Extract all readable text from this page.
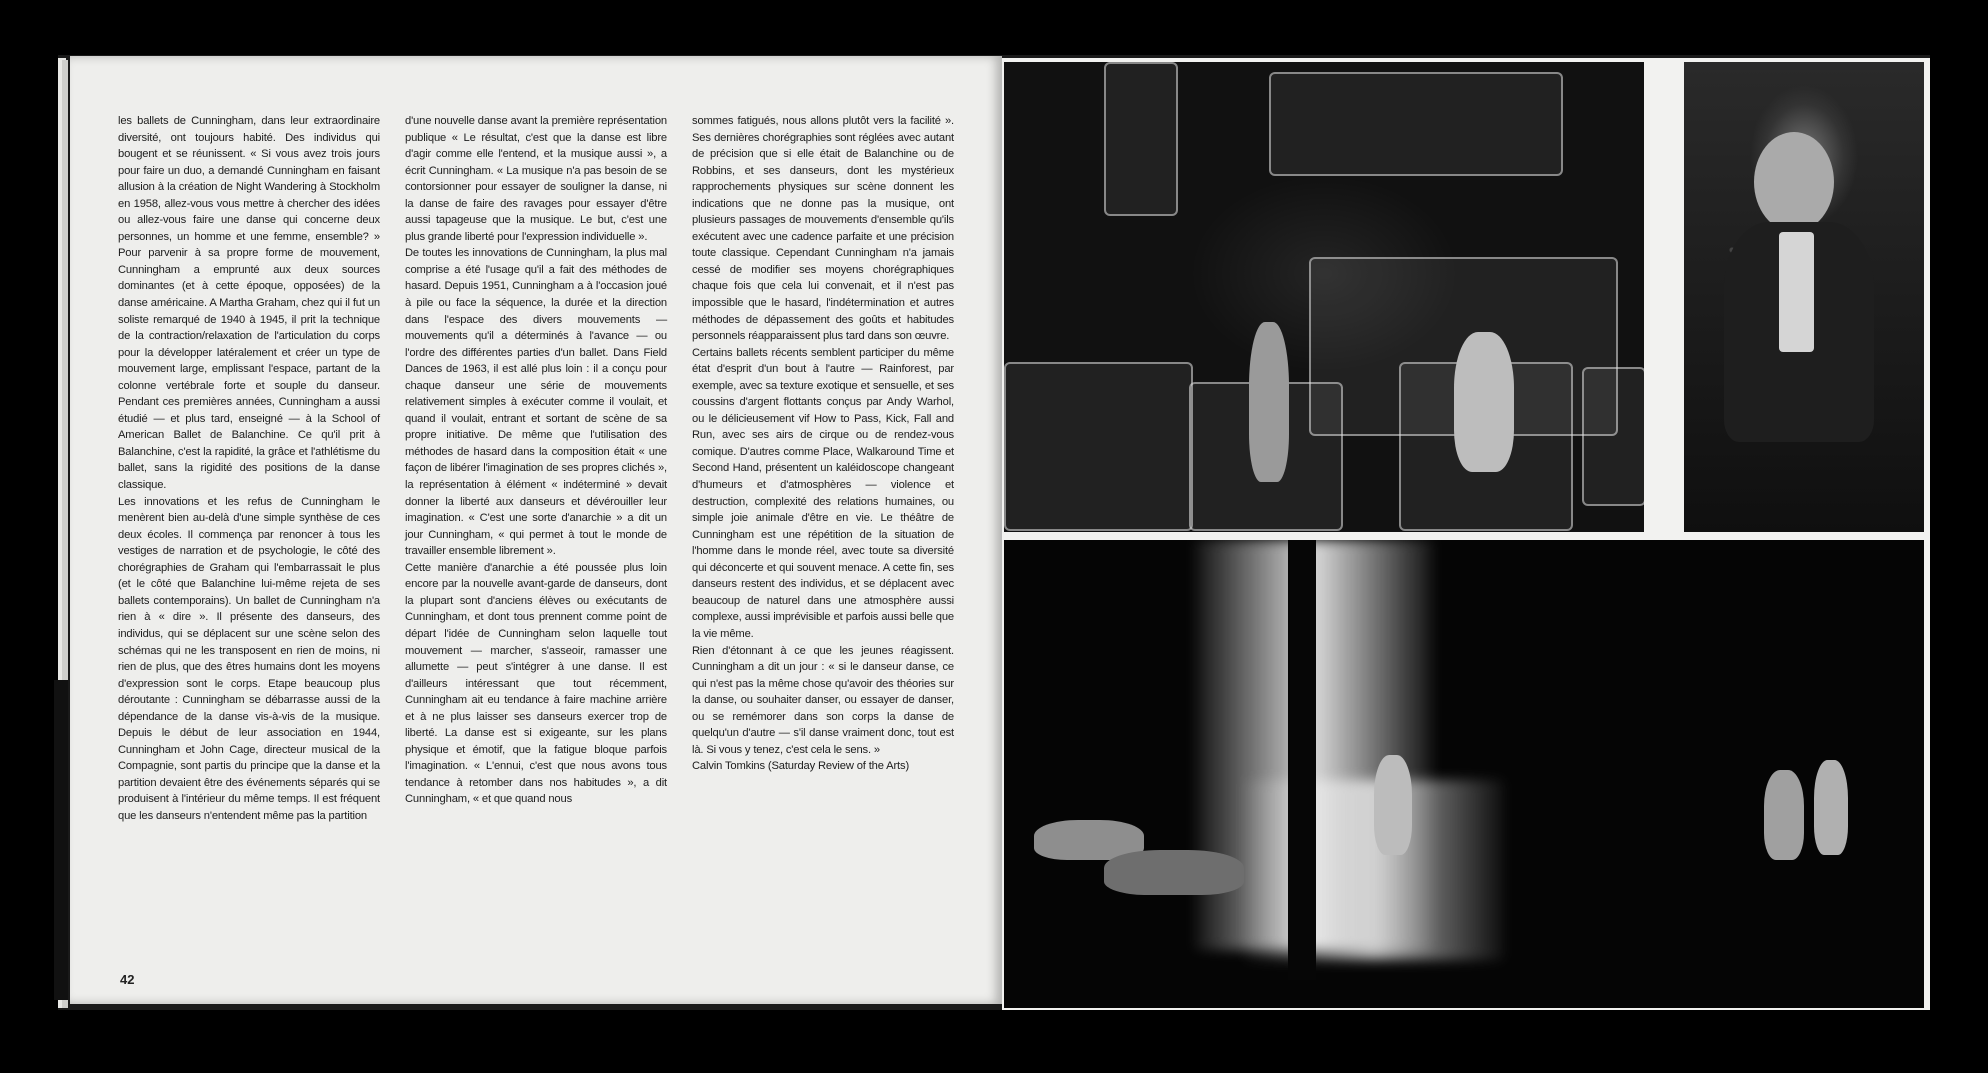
les ballets de Cunningham, dans leur extraordinaire diversité, ont toujours habité. Des individus qui bougent et se réunissent. « Si vous avez trois jours pour faire un duo, a demandé Cunningham en faisant allusion à la création de Night Wandering à Stockholm en 1958, allez-vous vous mettre à chercher des idées ou allez-vous faire une danse qui concerne deux personnes, un homme et une femme, ensemble? » Pour parvenir à sa propre forme de mouvement, Cunningham a emprunté aux deux sources dominantes (et à cette époque, opposées) de la danse américaine. A Martha Graham, chez qui il fut un soliste remarqué de 1940 à 1945, il prit la technique de la contraction/relaxation de l'articulation du corps pour la développer latéralement et créer un type de mouvement large, emplissant l'espace, partant de la colonne vertébrale forte et souple du danseur. Pendant ces premières années, Cunningham a aussi étudié — et plus tard, enseigné — à la School of American Ballet de Balanchine. Ce qu'il prit à Balanchine, c'est la rapidité, la grâce et l'athlétisme du ballet, sans la rigidité des positions de la danse classique.

Les innovations et les refus de Cunningham le menèrent bien au-delà d'une simple synthèse de ces deux écoles. Il commença par renoncer à tous les vestiges de narration et de psychologie, le côté des chorégraphies de Graham qui l'embarrassait le plus (et le côté que Balanchine lui-même rejeta de ses ballets contemporains). Un ballet de Cunningham n'a rien à « dire ». Il présente des danseurs, des individus, qui se déplacent sur une scène selon des schémas qui ne les transposent en rien de moins, ni rien de plus, que des êtres humains dont les moyens d'expression sont le corps. Etape beaucoup plus déroutante : Cunningham se débarrasse aussi de la dépendance de la danse vis-à-vis de la musique. Depuis le début de leur association en 1944, Cunningham et John Cage, directeur musical de la Compagnie, sont partis du principe que la danse et la partition devaient être des événements séparés qui se produisent à l'intérieur du même temps. Il est fréquent que les danseurs n'entendent même pas la partition

d'une nouvelle danse avant la première représentation publique « Le résultat, c'est que la danse est libre d'agir comme elle l'entend, et la musique aussi », a écrit Cunningham. « La musique n'a pas besoin de se contorsionner pour essayer de souligner la danse, ni la danse de faire des ravages pour essayer d'être aussi tapageuse que la musique. Le but, c'est une plus grande liberté pour l'expression individuelle ».

De toutes les innovations de Cunningham, la plus mal comprise a été l'usage qu'il a fait des méthodes de hasard. Depuis 1951, Cunningham a à l'occasion joué à pile ou face la séquence, la durée et la direction dans l'espace des divers mouvements — mouvements qu'il a déterminés à l'avance — ou l'ordre des différentes parties d'un ballet. Dans Field Dances de 1963, il est allé plus loin : il a conçu pour chaque danseur une série de mouvements relativement simples à exécuter comme il voulait, et quand il voulait, entrant et sortant de scène de sa propre initiative. De même que l'utilisation des méthodes de hasard dans la composition était « une façon de libérer l'imagination de ses propres clichés », la représentation à élément « indéterminé » devait donner la liberté aux danseurs et dévérouiller leur imagination. « C'est une sorte d'anarchie » a dit un jour Cunningham, « qui permet à tout le monde de travailler ensemble librement ».

Cette manière d'anarchie a été poussée plus loin encore par la nouvelle avant-garde de danseurs, dont la plupart sont d'anciens élèves ou exécutants de Cunningham, et dont tous prennent comme point de départ l'idée de Cunningham selon laquelle tout mouvement — marcher, s'asseoir, ramasser une allumette — peut s'intégrer à une danse. Il est d'ailleurs intéressant que tout récemment, Cunningham ait eu tendance à faire machine arrière et à ne plus laisser ses danseurs exercer trop de liberté. La danse est si exigeante, sur les plans physique et émotif, que la fatigue bloque parfois l'imagination. « L'ennui, c'est que nous avons tous tendance à retomber dans nos habitudes », a dit Cunningham, « et que quand nous

sommes fatigués, nous allons plutôt vers la facilité ». Ses dernières chorégraphies sont réglées avec autant de précision que si elle était de Balanchine ou de Robbins, et ses danseurs, dont les mystérieux rapprochements physiques sur scène donnent les indications que ne donne pas la musique, ont plusieurs passages de mouvements d'ensemble qu'ils exécutent avec une cadence parfaite et une précision toute classique. Cependant Cunningham n'a jamais cessé de modifier ses moyens chorégraphiques chaque fois que cela lui convenait, et il n'est pas impossible que le hasard, l'indétermination et autres méthodes de dépassement des goûts et habitudes personnels réapparaissent plus tard dans son œuvre.

Certains ballets récents semblent participer du même état d'esprit d'un bout à l'autre — Rainforest, par exemple, avec sa texture exotique et sensuelle, et ses coussins d'argent flottants conçus par Andy Warhol, ou le délicieusement vif How to Pass, Kick, Fall and Run, avec ses airs de cirque ou de rendez-vous comique. D'autres comme Place, Walkaround Time et Second Hand, présentent un kaléidoscope changeant d'humeurs et d'atmosphères — violence et destruction, complexité des relations humaines, ou simple joie animale d'être en vie. Le théâtre de Cunningham est une répétition de la situation de l'homme dans le monde réel, avec toute sa diversité qui déconcerte et qui souvent menace. A cette fin, ses danseurs restent des individus, et se déplacent avec beaucoup de naturel dans une atmosphère aussi complexe, aussi imprévisible et parfois aussi belle que la vie même.

Rien d'étonnant à ce que les jeunes réagissent. Cunningham a dit un jour : « si le danseur danse, ce qui n'est pas la même chose qu'avoir des théories sur la danse, ou souhaiter danser, ou essayer de danser, ou se remémorer dans son corps la danse de quelqu'un d'autre — s'il danse vraiment donc, tout est là. Si vous y tenez, c'est cela le sens. »

Calvin Tomkins (Saturday Review of the Arts)

42
